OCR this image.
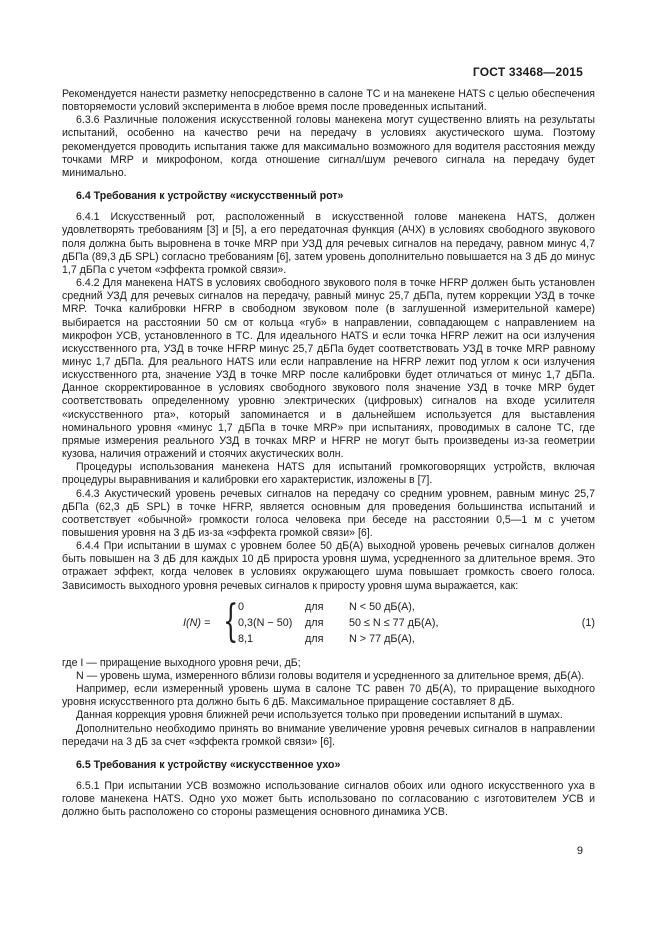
ГОСТ 33468—2015

Рекомендуется нанести разметку непосредственно в салоне ТС и на манекене HATS с целью обеспечения повторяемости условий эксперимента в любое время после проведенных испытаний.

6.3.6 Различные положения искусственной головы манекена могут существенно влиять на результаты испытаний, особенно на качество речи на передачу в условиях акустического шума. Поэтому рекомендуется проводить испытания также для максимально возможного для водителя расстояния между точками MRP и микрофоном, когда отношение сигнал/шум речевого сигнала на передачу будет минимально.

6.4 Требования к устройству «искусственный рот»

6.4.1 Искусственный рот, расположенный в искусственной голове манекена HATS, должен удовлетворять требованиям [3] и [5], а его передаточная функция (АЧХ) в условиях свободного звукового поля должна быть выровнена в точке MRP при УЗД для речевых сигналов на передачу, равном минус 4,7 дБПа (89,3 дБ SPL) согласно требованиям [6], затем уровень дополнительно повышается на 3 дБ до минус 1,7 дБПа с учетом «эффекта громкой связи».

6.4.2 Для манекена HATS в условиях свободного звукового поля в точке HFRP должен быть установлен средний УЗД для речевых сигналов на передачу, равный минус 25,7 дБПа, путем коррекции УЗД в точке MRP. Точка калибровки HFRP в свободном звуковом поле (в заглушенной измерительной камере) выбирается на расстоянии 50 см от кольца «губ» в направлении, совпадающем с направлением на микрофон УСВ, установленного в ТС. Для идеального HATS и если точка HFRP лежит на оси излучения искусственного рта, УЗД в точке HFRP минус 25,7 дБПа будет соответствовать УЗД в точке MRP равному минус 1,7 дБПа. Для реального HATS или если направление на HFRP лежит под углом к оси излучения искусственного рта, значение УЗД в точке MRP после калибровки будет отличаться от минус 1,7 дБПа. Данное скорректированное в условиях свободного звукового поля значение УЗД в точке MRP будет соответствовать определенному уровню электрических (цифровых) сигналов на входе усилителя «искусственного рта», который запоминается и в дальнейшем используется для выставления номинального уровня «минус 1,7 дБПа в точке MRP» при испытаниях, проводимых в салоне ТС, где прямые измерения реального УЗД в точках MRP и HFRP не могут быть произведены из-за геометрии кузова, наличия отражений и стоячих акустических волн.

Процедуры использования манекена HATS для испытаний громкоговорящих устройств, включая процедуры выравнивания и калибровки его характеристик, изложены в [7].

6.4.3 Акустический уровень речевых сигналов на передачу со средним уровнем, равным минус 25,7 дБПа (62,3 дБ SPL) в точке HFRP, является основным для проведения большинства испытаний и соответствует «обычной» громкости голоса человека при беседе на расстоянии 0,5—1 м с учетом повышения уровня на 3 дБ из-за «эффекта громкой связи» [6].

6.4.4 При испытании в шумах с уровнем более 50 дБ(A) выходной уровень речевых сигналов должен быть повышен на 3 дБ для каждых 10 дБ прироста уровня шума, усредненного за длительное время. Это отражает эффект, когда человек в условиях окружающего шума повышает громкость своего голоса. Зависимость выходного уровня речевых сигналов к приросту уровня шума выражается, как:

I(N) = { 0	для N < 50 дБ(A),
0,3(N − 50) для 50 ≤ N ≤ 77 дБ(A),
8,1	для N > 77 дБ(A),
(1)

где I — приращение выходного уровня речи, дБ;

N — уровень шума, измеренного вблизи головы водителя и усредненного за длительное время, дБ(A).

Например, если измеренный уровень шума в салоне ТС равен 70 дБ(A), то приращение выходного уровня искусственного рта должно быть 6 дБ. Максимальное приращение составляет 8 дБ.

Данная коррекция уровня ближней речи используется только при проведении испытаний в шумах.

Дополнительно необходимо принять во внимание увеличение уровня речевых сигналов в направлении передачи на 3 дБ за счет «эффекта громкой связи» [6].

6.5 Требования к устройству «искусственное ухо»

6.5.1 При испытании УСВ возможно использование сигналов обоих или одного искусственного уха в голове манекена HATS. Одно ухо может быть использовано по согласованию с изготовителем УСВ и должно быть расположено со стороны размещения основного динамика УСВ.

9
